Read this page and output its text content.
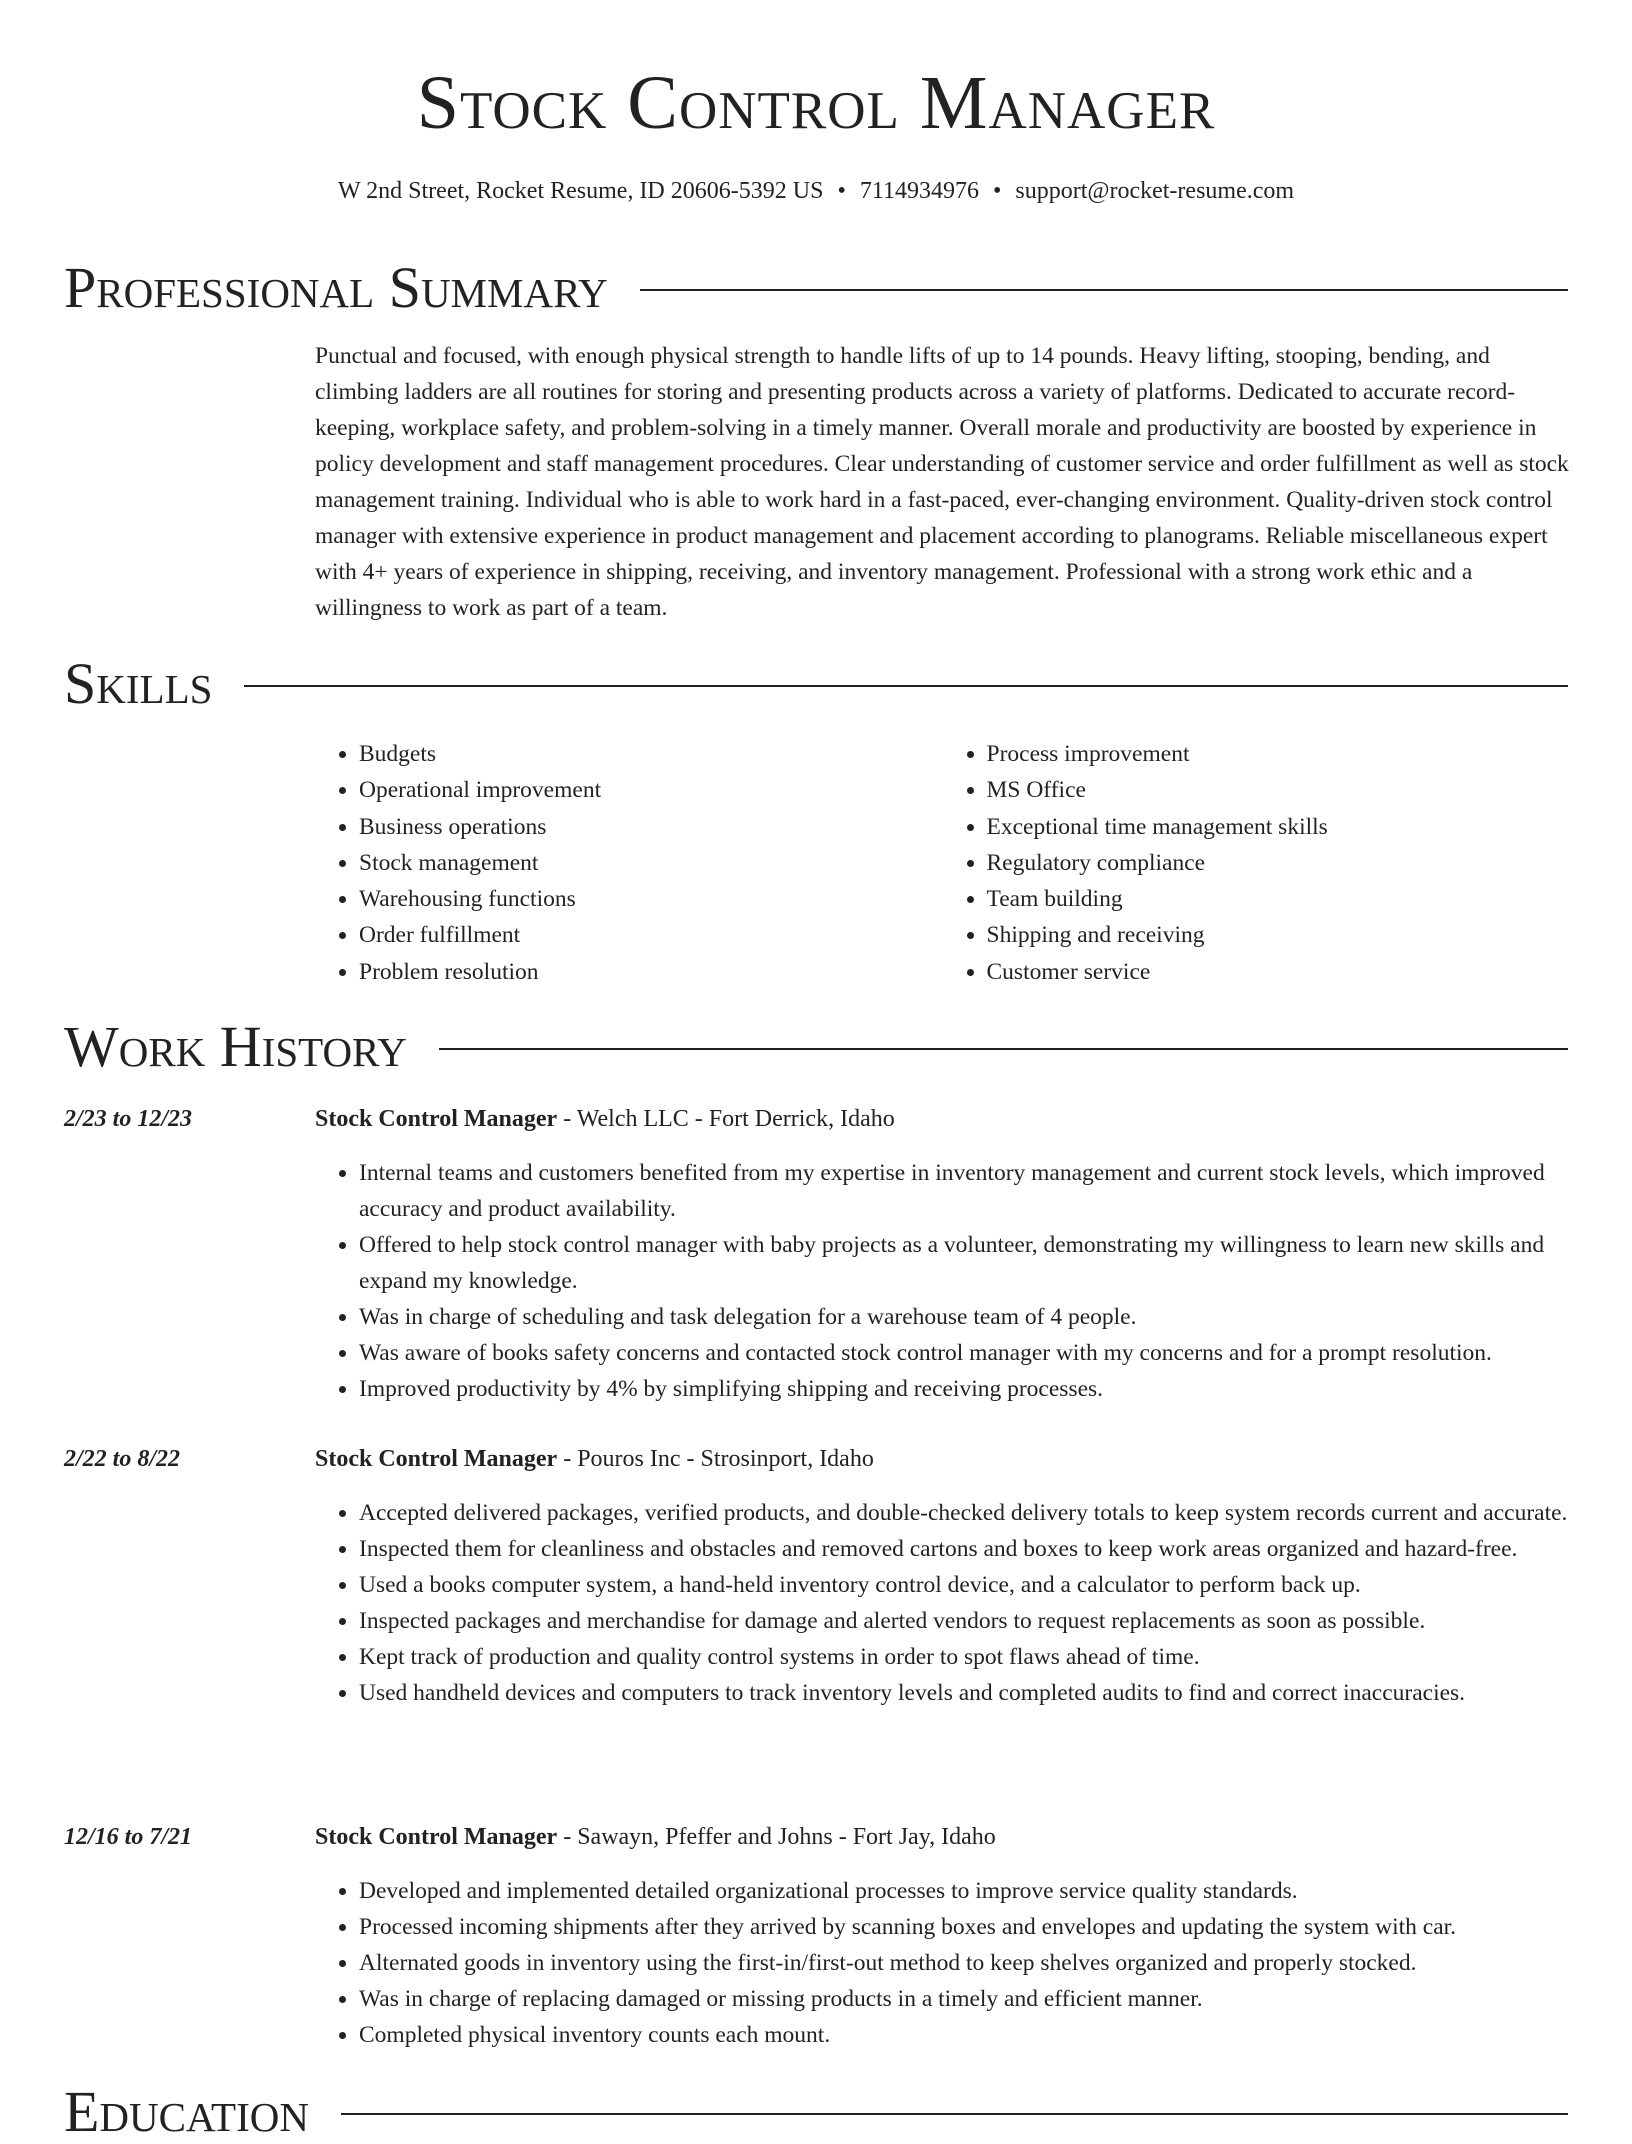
Stock Control Manager
W 2nd Street, Rocket Resume, ID 20606-5392 US • 7114934976 • support@rocket-resume.com
Professional Summary

Punctual and focused, with enough physical strength to handle lifts of up to 14 pounds. Heavy lifting, stooping, bending, and climbing ladders are all routines for storing and presenting products across a variety of platforms. Dedicated to accurate record-keeping, workplace safety, and problem-solving in a timely manner. Overall morale and productivity are boosted by experience in policy development and staff management procedures. Clear understanding of customer service and order fulfillment as well as stock management training. Individual who is able to work hard in a fast-paced, ever-changing environment. Quality-driven stock control manager with extensive experience in product management and placement according to planograms. Reliable miscellaneous expert with 4+ years of experience in shipping, receiving, and inventory management. Professional with a strong work ethic and a willingness to work as part of a team.

Skills
• Budgets
• Operational improvement
• Business operations
• Stock management
• Warehousing functions
• Order fulfillment
• Problem resolution
• Process improvement
• MS Office
• Exceptional time management skills
• Regulatory compliance
• Team building
• Shipping and receiving
• Customer service
Work History
2/23 to 12/23	Stock Control Manager - Welch LLC - Fort Derrick, Idaho
• Internal teams and customers benefited from my expertise in inventory management and current stock levels, which improved accuracy and product availability.
• Offered to help stock control manager with baby projects as a volunteer, demonstrating my willingness to learn new skills and expand my knowledge.
• Was in charge of scheduling and task delegation for a warehouse team of 4 people.
• Was aware of books safety concerns and contacted stock control manager with my concerns and for a prompt resolution.
• Improved productivity by 4% by simplifying shipping and receiving processes.
2/22 to 8/22	Stock Control Manager - Pouros Inc - Strosinport, Idaho
• Accepted delivered packages, verified products, and double-checked delivery totals to keep system records current and accurate.
• Inspected them for cleanliness and obstacles and removed cartons and boxes to keep work areas organized and hazard-free.
• Used a books computer system, a hand-held inventory control device, and a calculator to perform back up.
• Inspected packages and merchandise for damage and alerted vendors to request replacements as soon as possible.
• Kept track of production and quality control systems in order to spot flaws ahead of time.
• Used handheld devices and computers to track inventory levels and completed audits to find and correct inaccuracies.
12/16 to 7/21	Stock Control Manager - Sawayn, Pfeffer and Johns - Fort Jay, Idaho
• Developed and implemented detailed organizational processes to improve service quality standards.
• Processed incoming shipments after they arrived by scanning boxes and envelopes and updating the system with car.
• Alternated goods in inventory using the first-in/first-out method to keep shelves organized and properly stocked.
• Was in charge of replacing damaged or missing products in a timely and efficient manner.
• Completed physical inventory counts each mount.
Education
